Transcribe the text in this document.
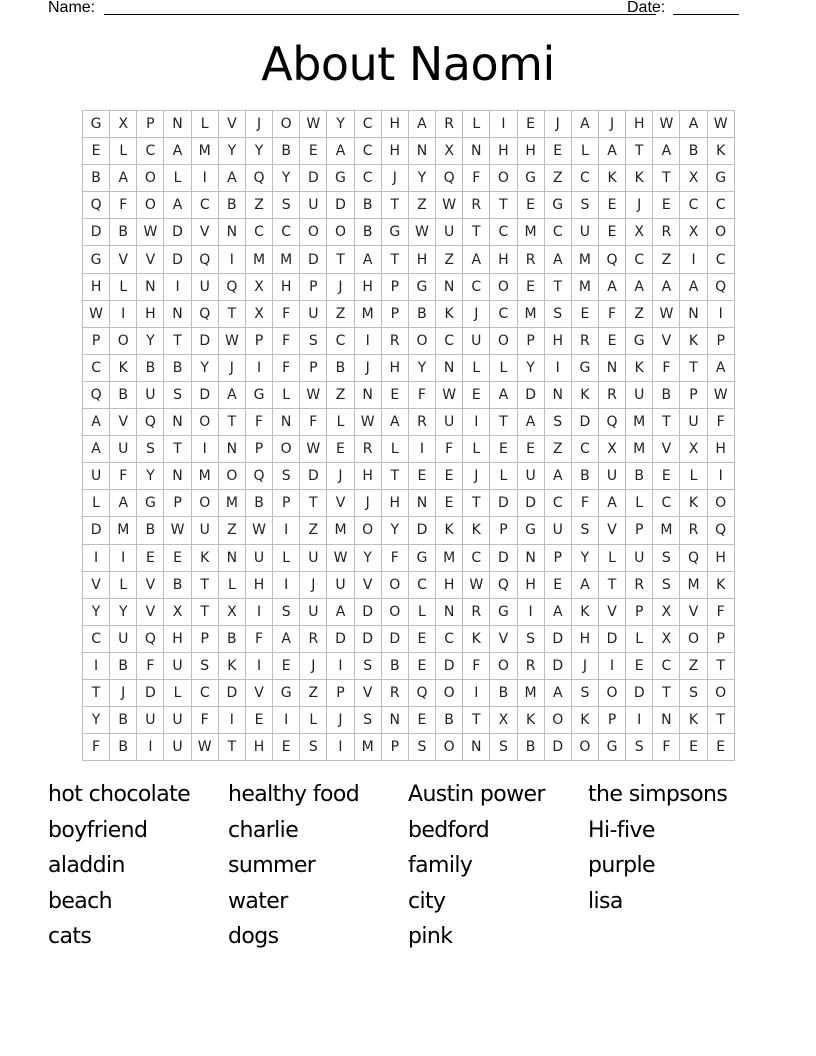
Name:	Date:
About Naomi
G	X	P	N	L	V	J	O	W	Y	C	H	A	R	L	I	E	J	A	J	H	W	A	W
E	L	C	A	M	Y	Y	B	E	A	C	H	N	X	N	H	H	E	L	A	T	A	B	K
B	A	O	L	I	A	Q	Y	D	G	C	J	Y	Q	F	O	G	Z	C	K	K	T	X	G
Q	F	O	A	C	B	Z	S	U	D	B	T	Z	W	R	T	E	G	S	E	J	E	C	C
D	B	W	D	V	N	C	C	O	O	B	G	W	U	T	C	M	C	U	E	X	R	X	O
G	V	V	D	Q	I	M	M	D	T	A	T	H	Z	A	H	R	A	M	Q	C	Z	I	C
H	L	N	I	U	Q	X	H	P	J	H	P	G	N	C	O	E	T	M	A	A	A	A	Q
W	I	H	N	Q	T	X	F	U	Z	M	P	B	K	J	C	M	S	E	F	Z	W	N	I
P	O	Y	T	D	W	P	F	S	C	I	R	O	C	U	O	P	H	R	E	G	V	K	P
C	K	B	B	Y	J	I	F	P	B	J	H	Y	N	L	L	Y	I	G	N	K	F	T	A
Q	B	U	S	D	A	G	L	W	Z	N	E	F	W	E	A	D	N	K	R	U	B	P	W
A	V	Q	N	O	T	F	N	F	L	W	A	R	U	I	T	A	S	D	Q	M	T	U	F
A	U	S	T	I	N	P	O	W	E	R	L	I	F	L	E	E	Z	C	X	M	V	X	H
U	F	Y	N	M	O	Q	S	D	J	H	T	E	E	J	L	U	A	B	U	B	E	L	I
L	A	G	P	O	M	B	P	T	V	J	H	N	E	T	D	D	C	F	A	L	C	K	O
D	M	B	W	U	Z	W	I	Z	M	O	Y	D	K	K	P	G	U	S	V	P	M	R	Q
I	I	E	E	K	N	U	L	U	W	Y	F	G	M	C	D	N	P	Y	L	U	S	Q	H
V	L	V	B	T	L	H	I	J	U	V	O	C	H	W	Q	H	E	A	T	R	S	M	K
Y	Y	V	X	T	X	I	S	U	A	D	O	L	N	R	G	I	A	K	V	P	X	V	F
C	U	Q	H	P	B	F	A	R	D	D	D	E	C	K	V	S	D	H	D	L	X	O	P
I	B	F	U	S	K	I	E	J	I	S	B	E	D	F	O	R	D	J	I	E	C	Z	T
T	J	D	L	C	D	V	G	Z	P	V	R	Q	O	I	B	M	A	S	O	D	T	S	O
Y	B	U	U	F	I	E	I	L	J	S	N	E	B	T	X	K	O	K	P	I	N	K	T
F	B	I	U	W	T	H	E	S	I	M	P	S	O	N	S	B	D	O	G	S	F	E	E
hot chocolate	healthy food	Austin power	the simpsons
boyfriend	charlie	bedford	Hi-five
aladdin	summer	family	purple
beach	water	city	lisa
cats	dogs	pink
